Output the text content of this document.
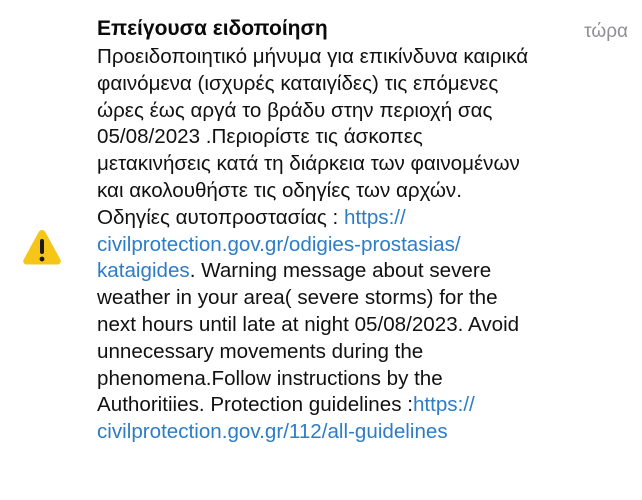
Επείγουσα ειδοποίηση	τώρα
Προειδοποιητικό μήνυμα για επικίνδυνα καιρικά
φαινόμενα (ισχυρές καταιγίδες) τις επόμενες
ώρες έως αργά το βράδυ στην περιοχή σας
05/08/2023 .Περιορίστε τις άσκοπες
μετακινήσεις κατά τη διάρκεια των φαινομένων
και ακολουθήστε τις οδηγίες των αρχών.
Οδηγίες αυτοπροστασίας : https://
civilprotection.gov.gr/odigies-prostasias/
kataigides. Warning message about severe
weather in your area( severe storms) for the
next hours until late at night 05/08/2023. Avoid
unnecessary movements during the
phenomena.Follow instructions by the
Authoritiies. Protection guidelines :https://
civilprotection.gov.gr/112/all-guidelines
